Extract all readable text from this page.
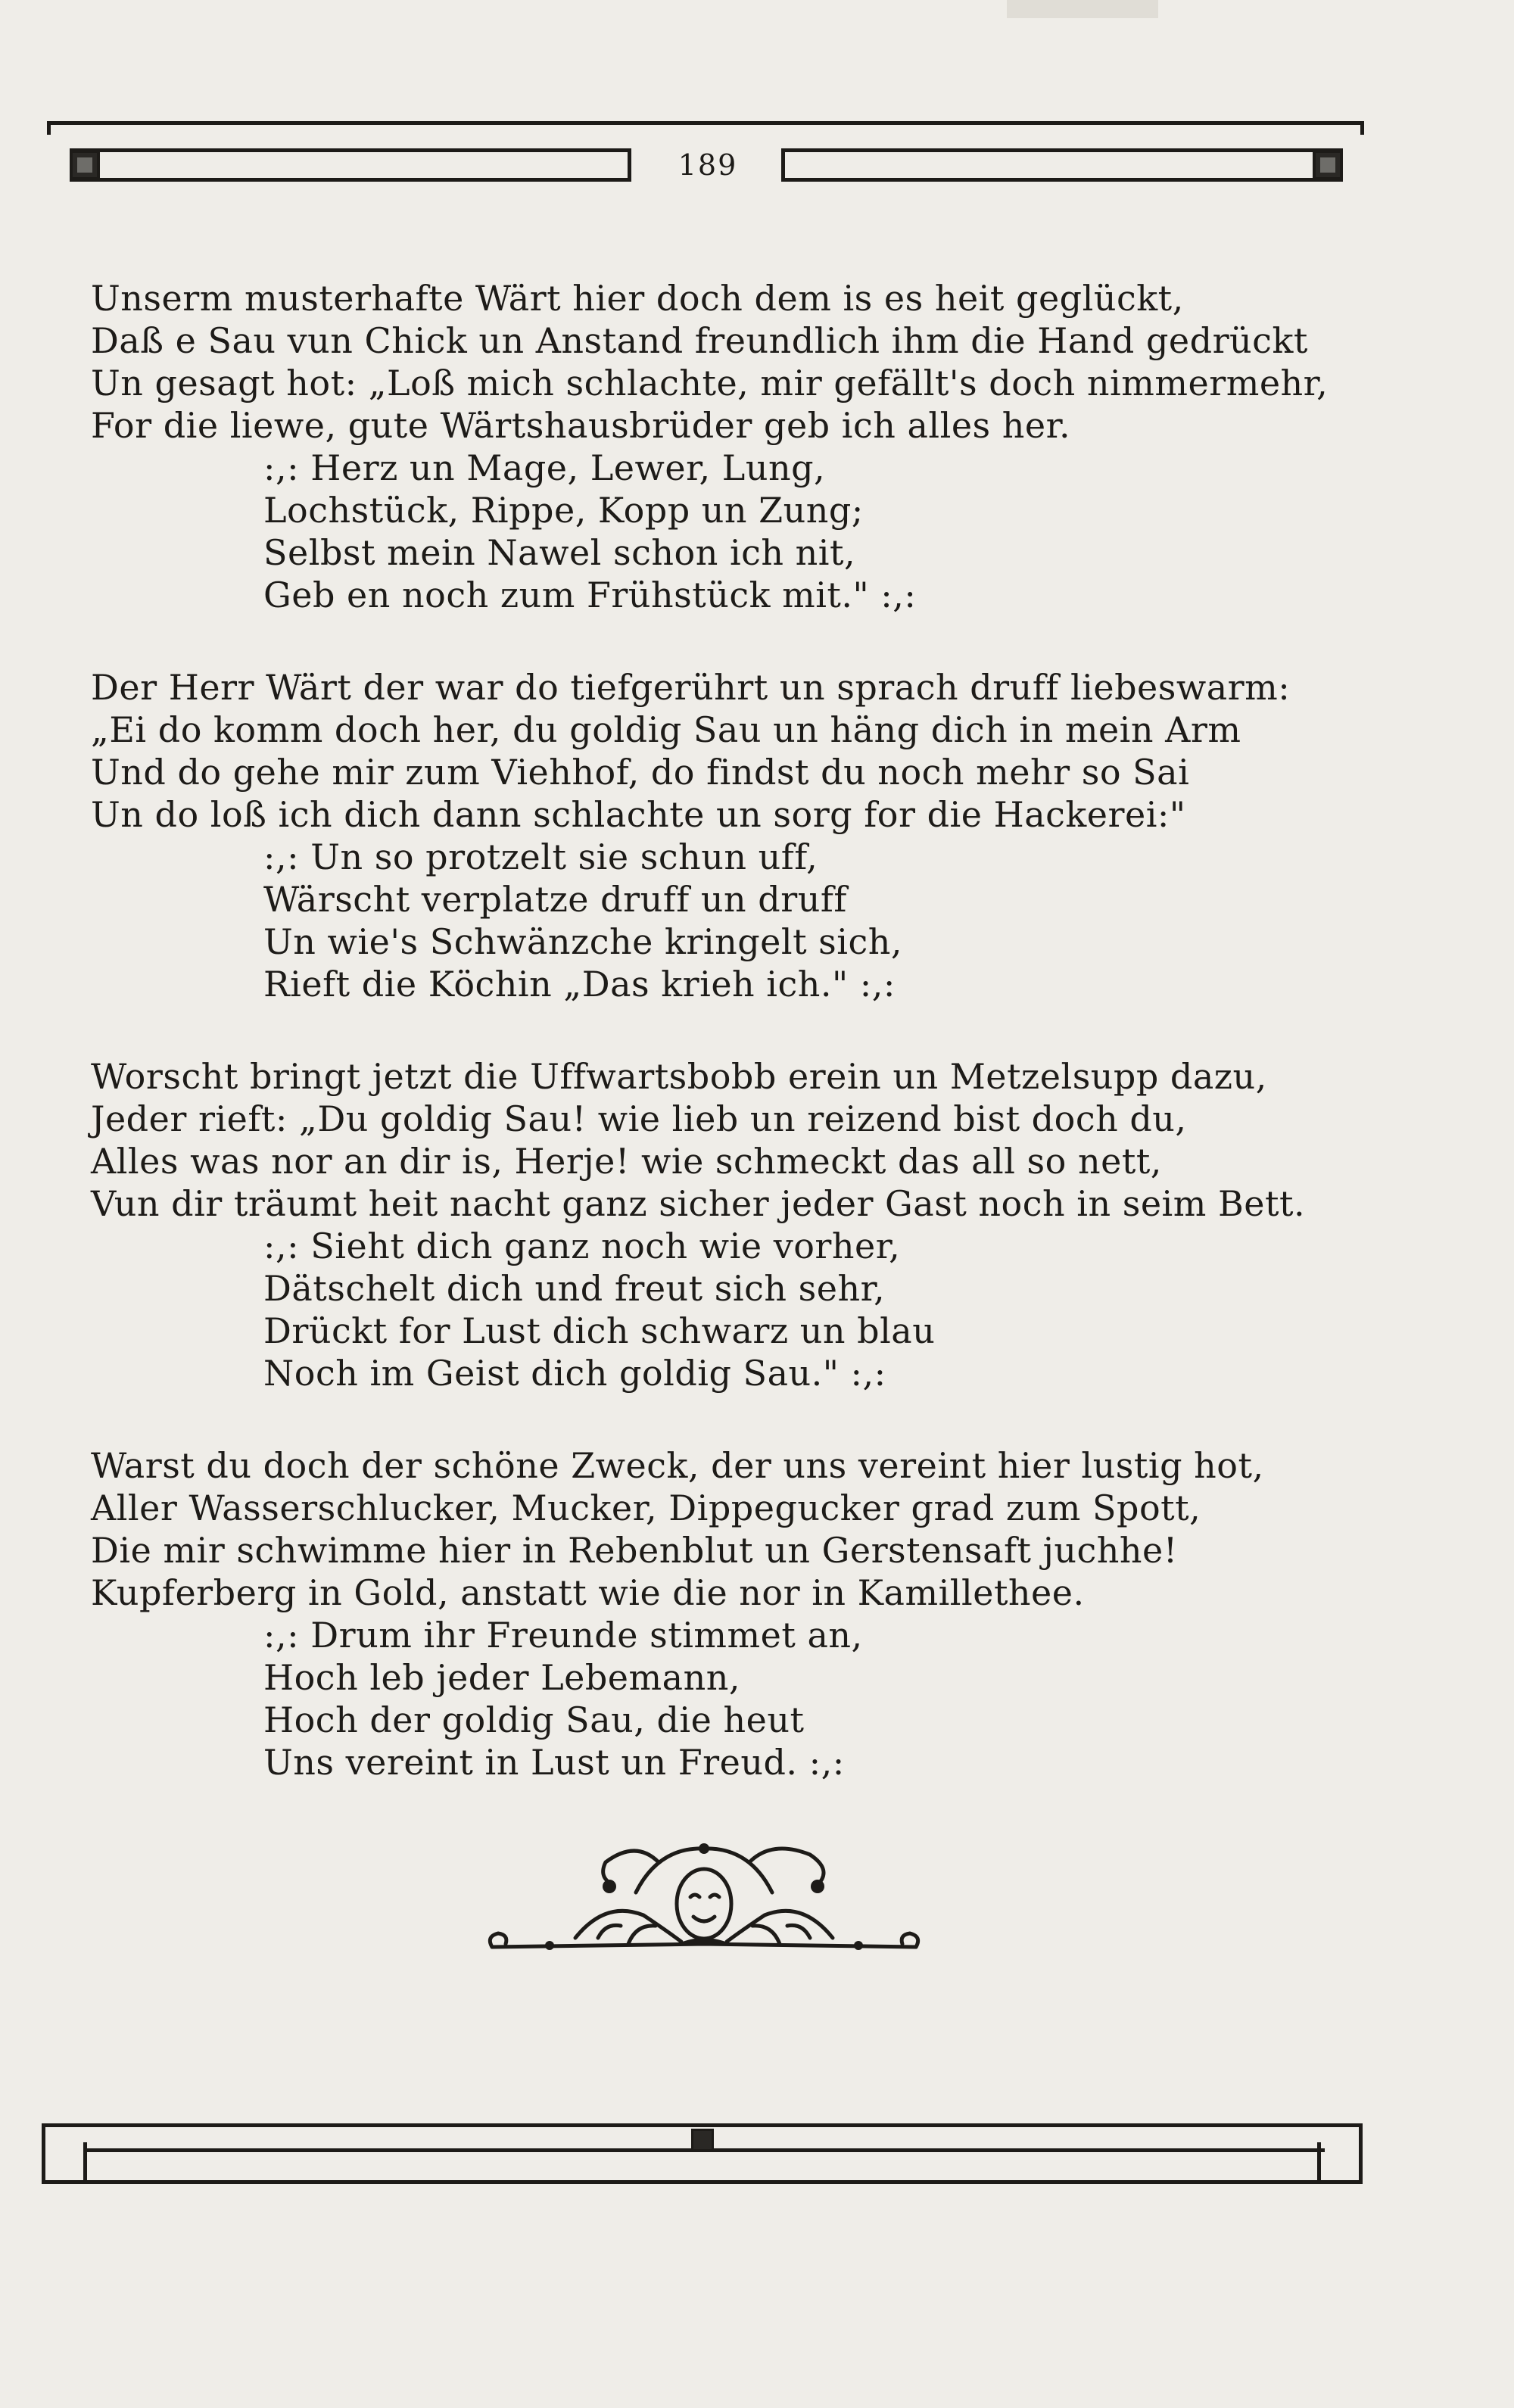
189
Unserm musterhafte Wärt hier doch dem is es heit geglückt,
Daß e Sau vun Chick un Anstand freundlich ihm die Hand gedrückt
Un gesagt hot: „Loß mich schlachte, mir gefällt's doch nimmermehr,
For die liewe, gute Wärtshausbrüder geb ich alles her.
:,: Herz un Mage, Lewer, Lung,
Lochstück, Rippe, Kopp un Zung;
Selbst mein Nawel schon ich nit,
Geb en noch zum Frühstück mit." :,:
Der Herr Wärt der war do tiefgerührt un sprach druff liebeswarm:
„Ei do komm doch her, du goldig Sau un häng dich in mein Arm
Und do gehe mir zum Viehhof, do findst du noch mehr so Sai
Un do loß ich dich dann schlachte un sorg for die Hackerei:"
:,: Un so protzelt sie schun uff,
Wärscht verplatze druff un druff
Un wie's Schwänzche kringelt sich,
Rieft die Köchin „Das krieh ich." :,:
Worscht bringt jetzt die Uffwartsbobb erein un Metzelsupp dazu,
Jeder rieft: „Du goldig Sau! wie lieb un reizend bist doch du,
Alles was nor an dir is, Herje! wie schmeckt das all so nett,
Vun dir träumt heit nacht ganz sicher jeder Gast noch in seim Bett.
:,: Sieht dich ganz noch wie vorher,
Dätschelt dich und freut sich sehr,
Drückt for Lust dich schwarz un blau
Noch im Geist dich goldig Sau." :,:
Warst du doch der schöne Zweck, der uns vereint hier lustig hot,
Aller Wasserschlucker, Mucker, Dippegucker grad zum Spott,
Die mir schwimme hier in Rebenblut un Gerstensaft juchhe!
Kupferberg in Gold, anstatt wie die nor in Kamillethee.
:,: Drum ihr Freunde stimmet an,
Hoch leb jeder Lebemann,
Hoch der goldig Sau, die heut
Uns vereint in Lust un Freud. :,:
